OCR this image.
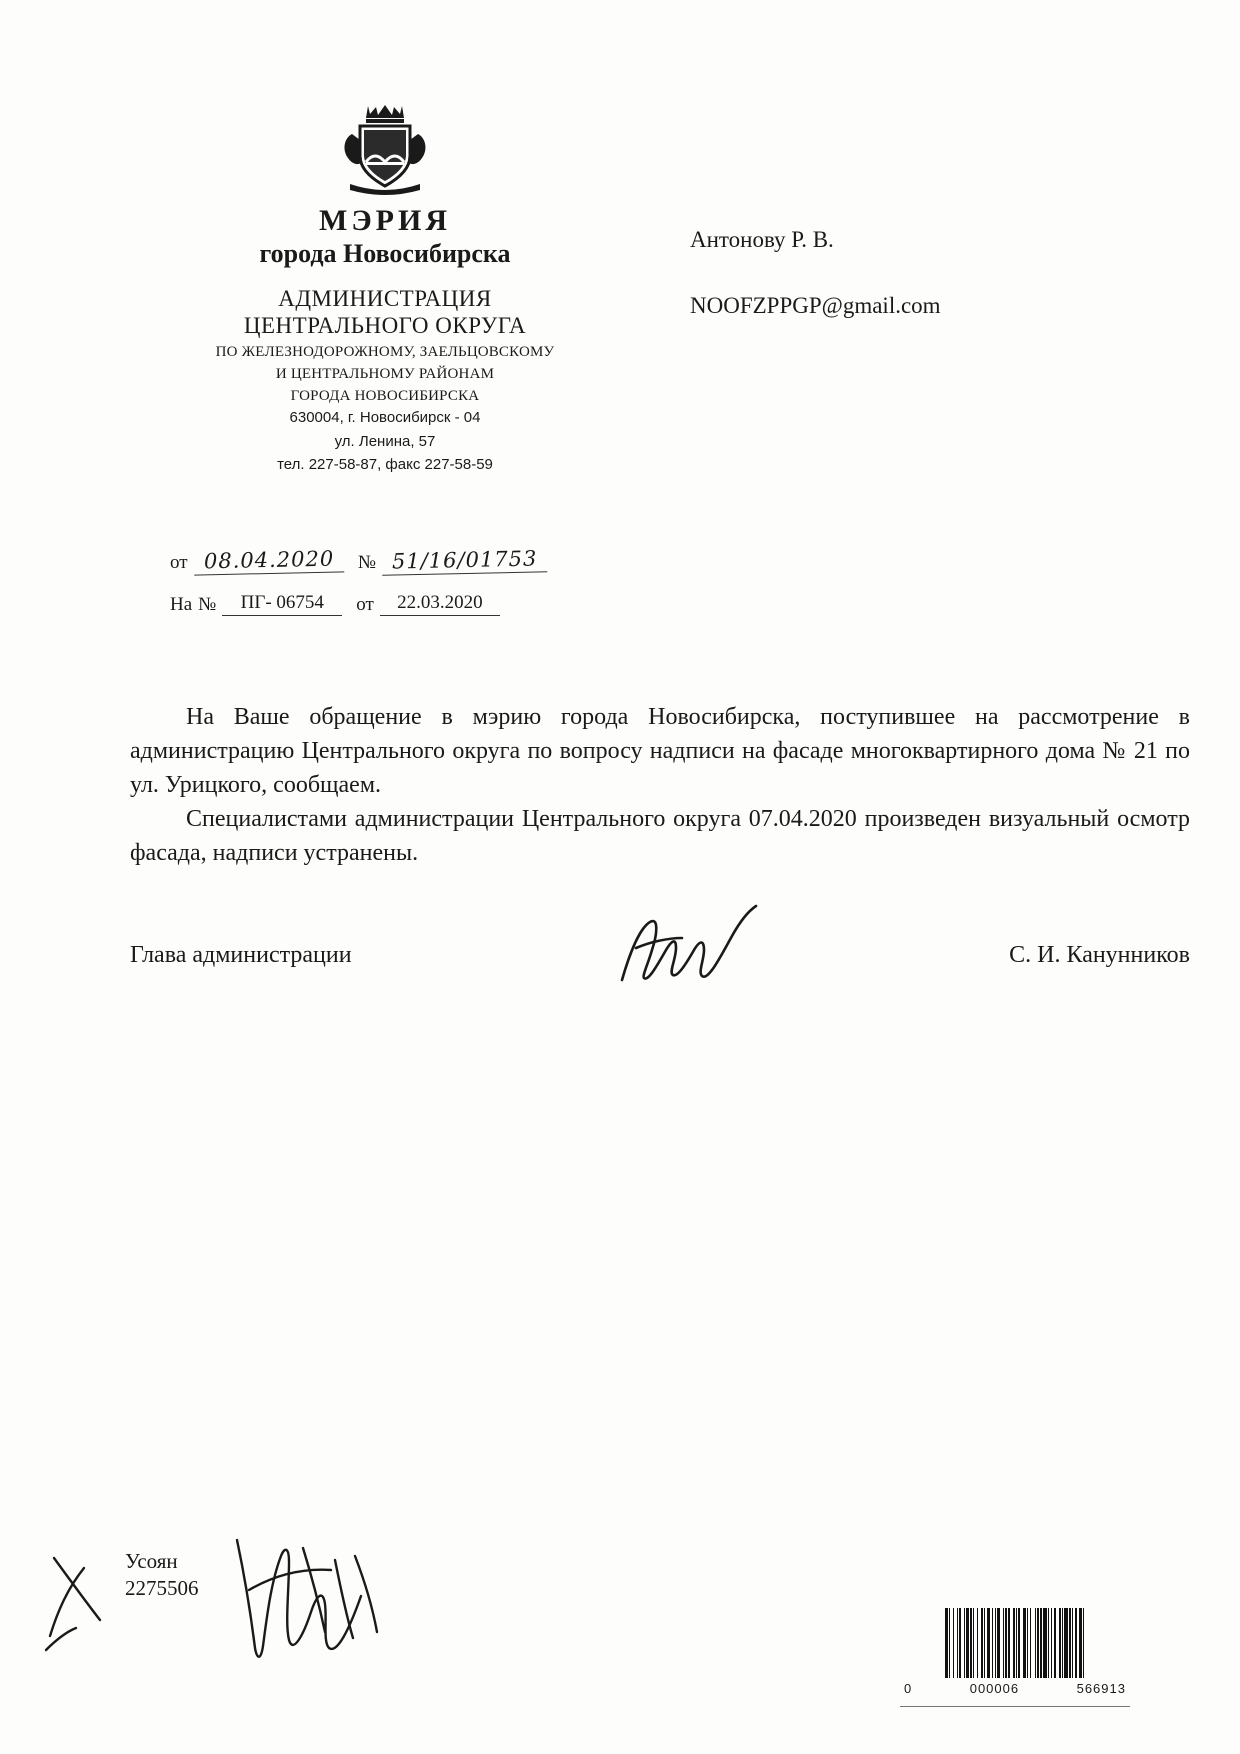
МЭРИЯ
города Новосибирска
АДМИНИСТРАЦИЯ
ЦЕНТРАЛЬНОГО ОКРУГА
ПО ЖЕЛЕЗНОДОРОЖНОМУ, ЗАЕЛЬЦОВСКОМУ
И ЦЕНТРАЛЬНОМУ РАЙОНАМ
ГОРОДА НОВОСИБИРСКА
630004, г. Новосибирск - 04
ул. Ленина, 57
тел. 227-58-87, факс 227-58-59
от 08.04.2020	№ 51/16/01753
На №	ПГ- 06754	от	22.03.2020
Антонову Р. В.
NOOFZPPGP@gmail.com

На Ваше обращение в мэрию города Новосибирска, поступившее на рассмотрение в администрацию Центрального округа по вопросу надписи на фасаде многоквартирного дома № 21 по ул. Урицкого, сообщаем.

Специалистами администрации Центрального округа 07.04.2020 произведен визуальный осмотр фасада, надписи устранены.

Глава администрации	С. И. Канунников
Усоян
2275506
0	000006	566913
